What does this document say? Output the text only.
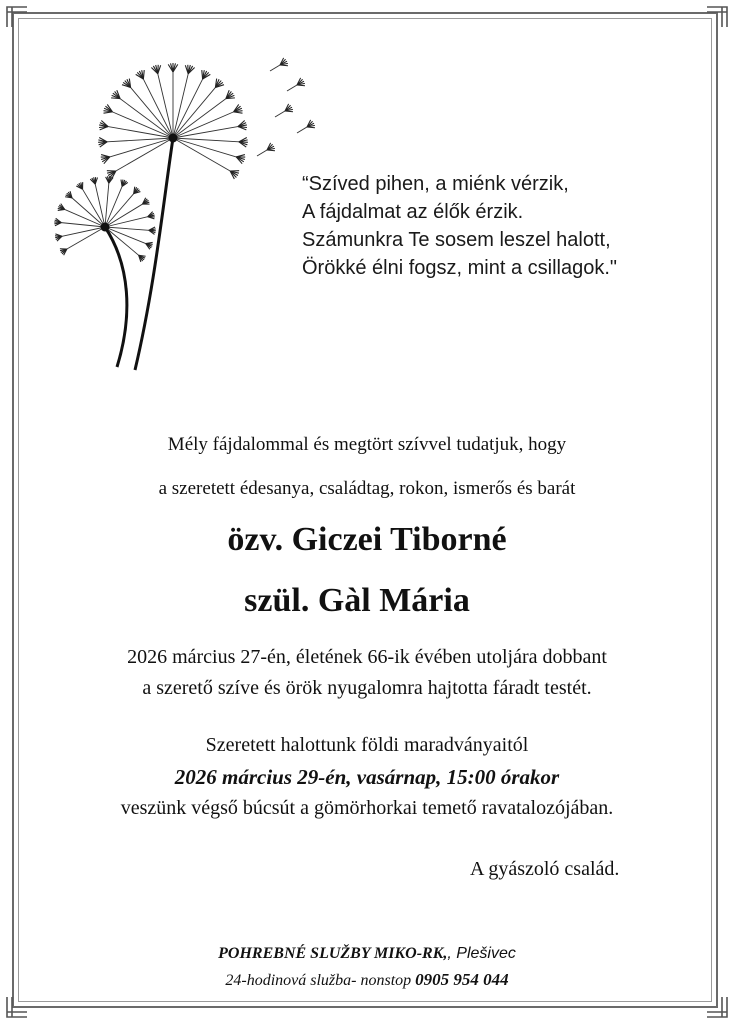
“Szíved pihen, a miénk vérzik,
A fájdalmat az élők érzik.
Számunkra Te sosem leszel halott,
Örökké élni fogsz, mint a csillagok."
Mély fájdalommal és megtört szívvel tudatjuk, hogy
a szeretett édesanya, családtag, rokon, ismerős és barát
özv. Giczei Tiborné
szül. Gàl Mária
2026 március 27-én, életének 66-ik évében utoljára dobbant
a szerető szíve és örök nyugalomra hajtotta fáradt testét.
Szeretett halottunk földi maradványaitól
2026 március 29-én, vasárnap, 15:00 órakor
veszünk végső búcsút a gömörhorkai temető ravatalozójában.
A gyászoló család.
POHREBNÉ SLUŽBY MIKO-RK,, Plešivec
24-hodinová služba- nonstop 0905 954 044
